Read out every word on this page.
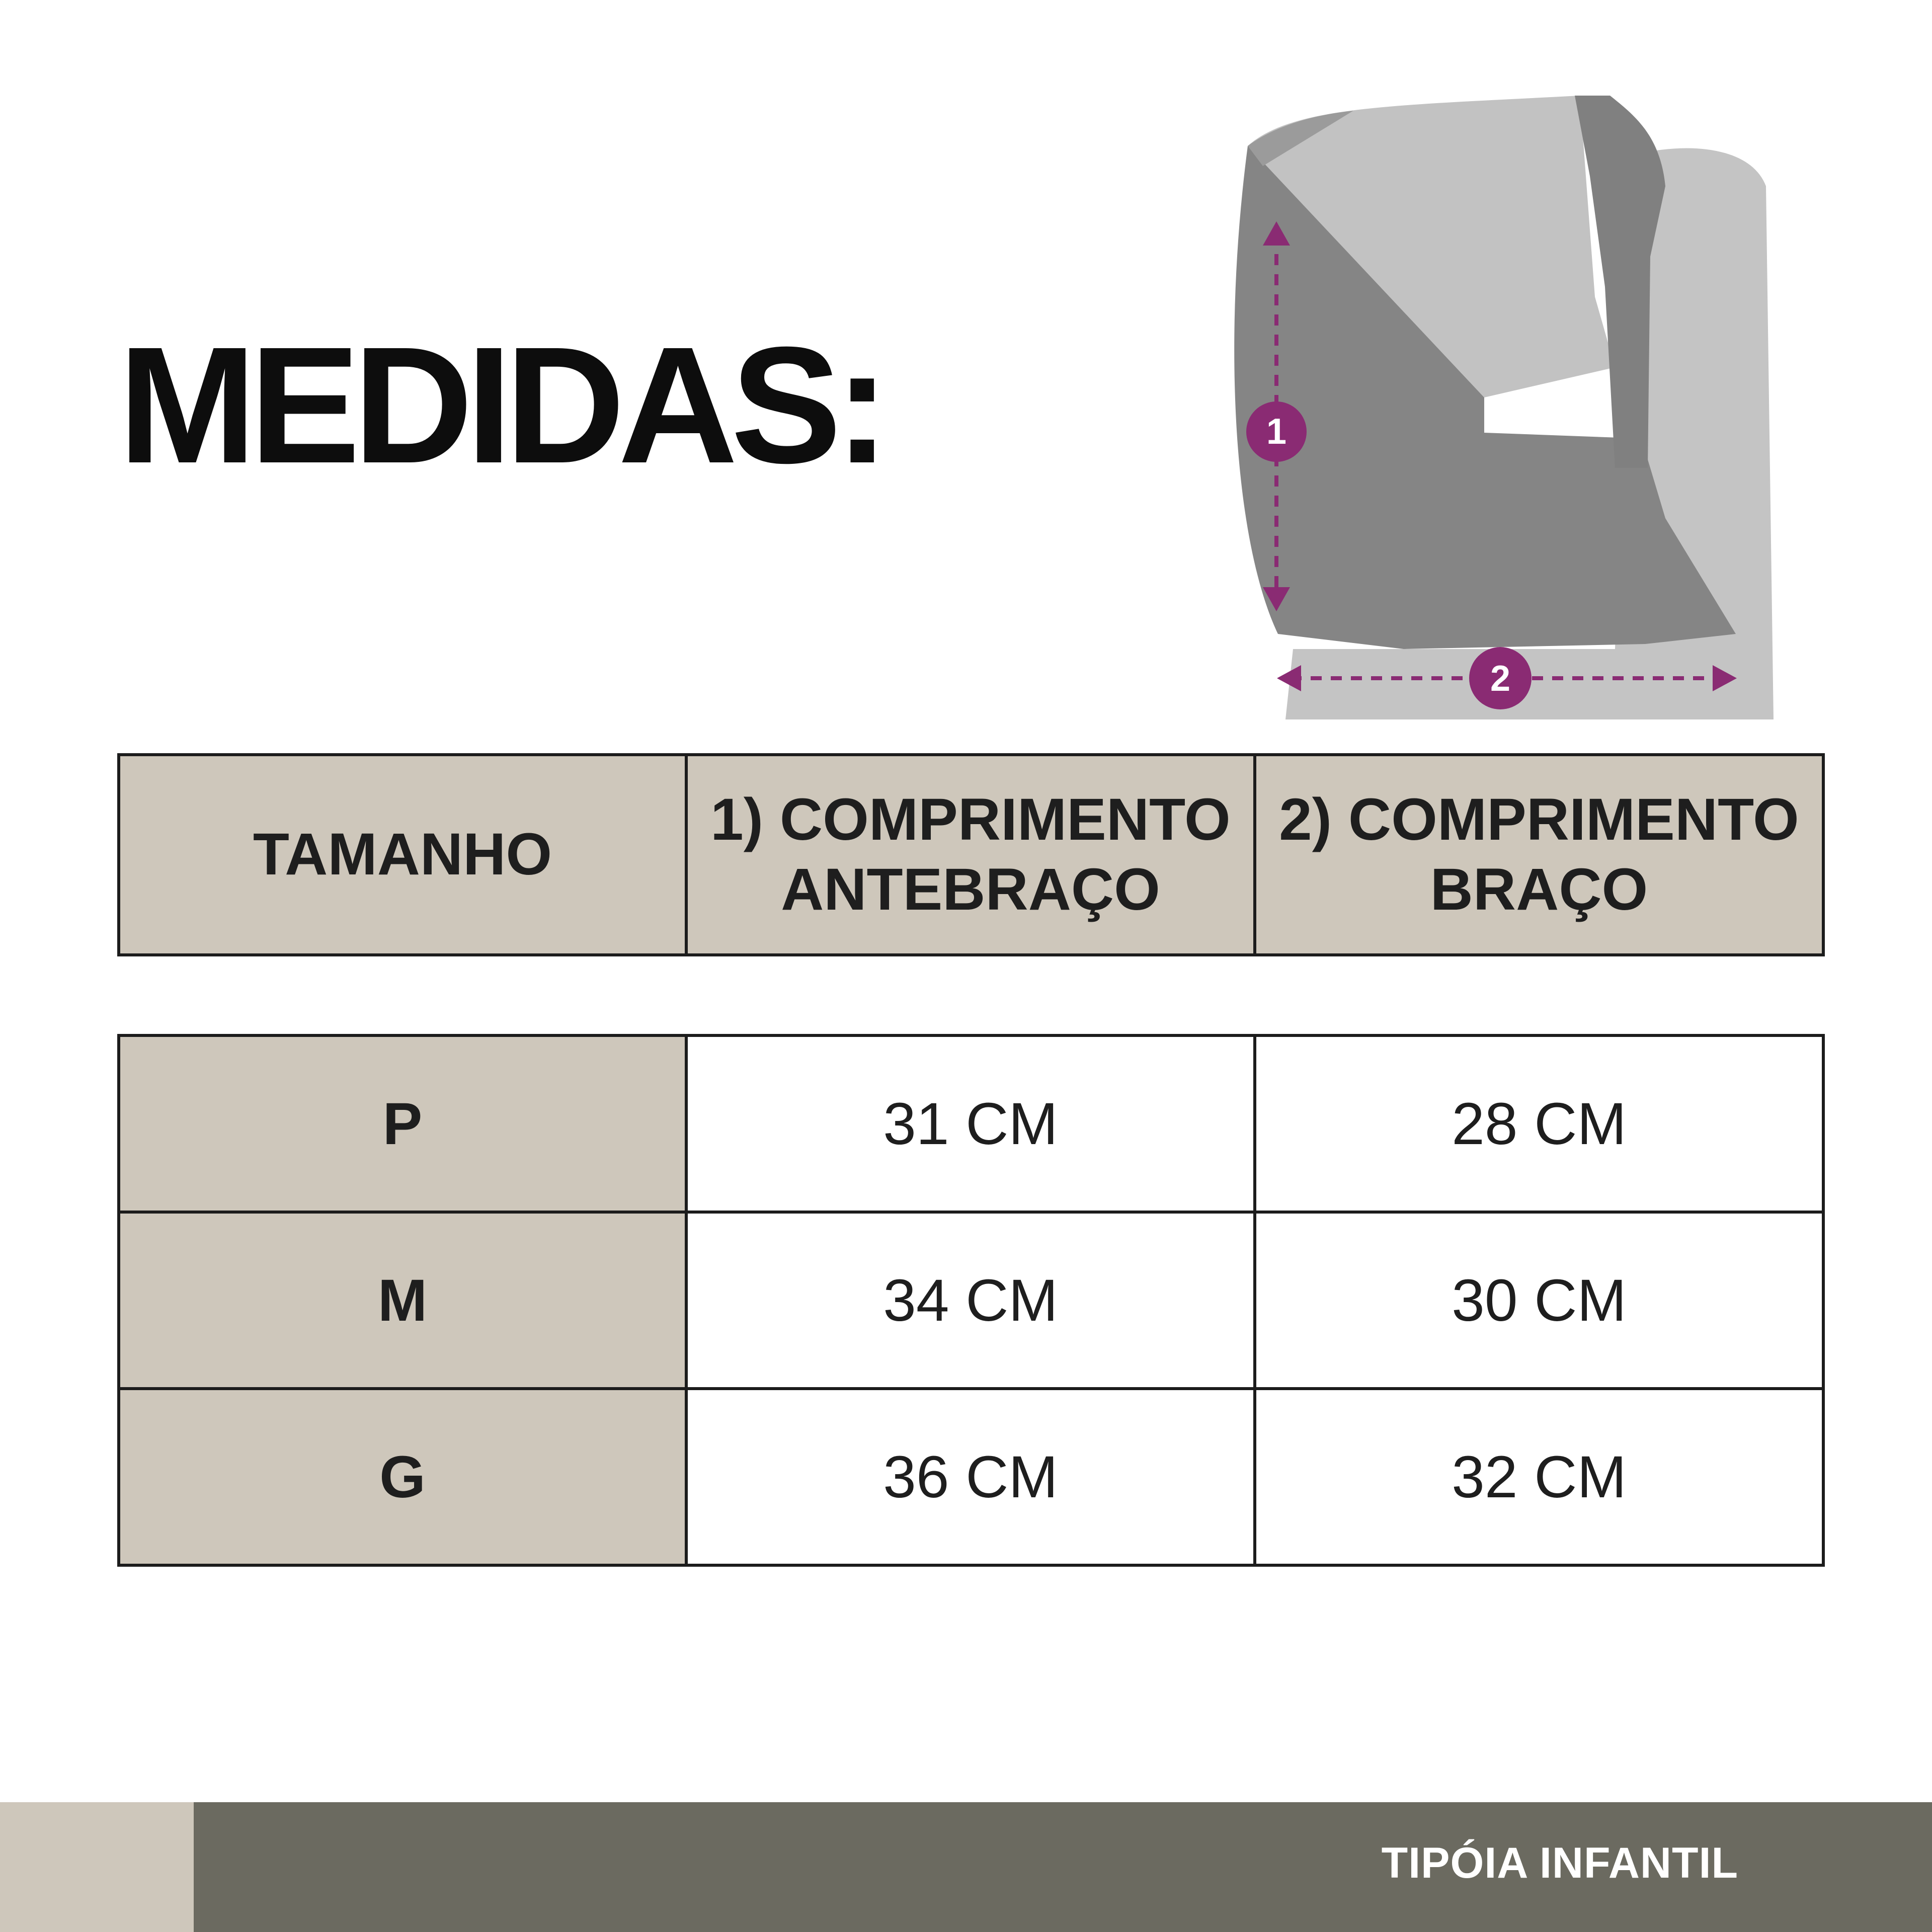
MEDIDAS:	1
2
TAMANHO

1) COMPRIMENTO
ANTEBRAÇO

2) COMPRIMENTO
BRAÇO
P	31 CM	28 CM
M	34 CM	30 CM
G	36 CM	32 CM
TIPÓIA INFANTIL
